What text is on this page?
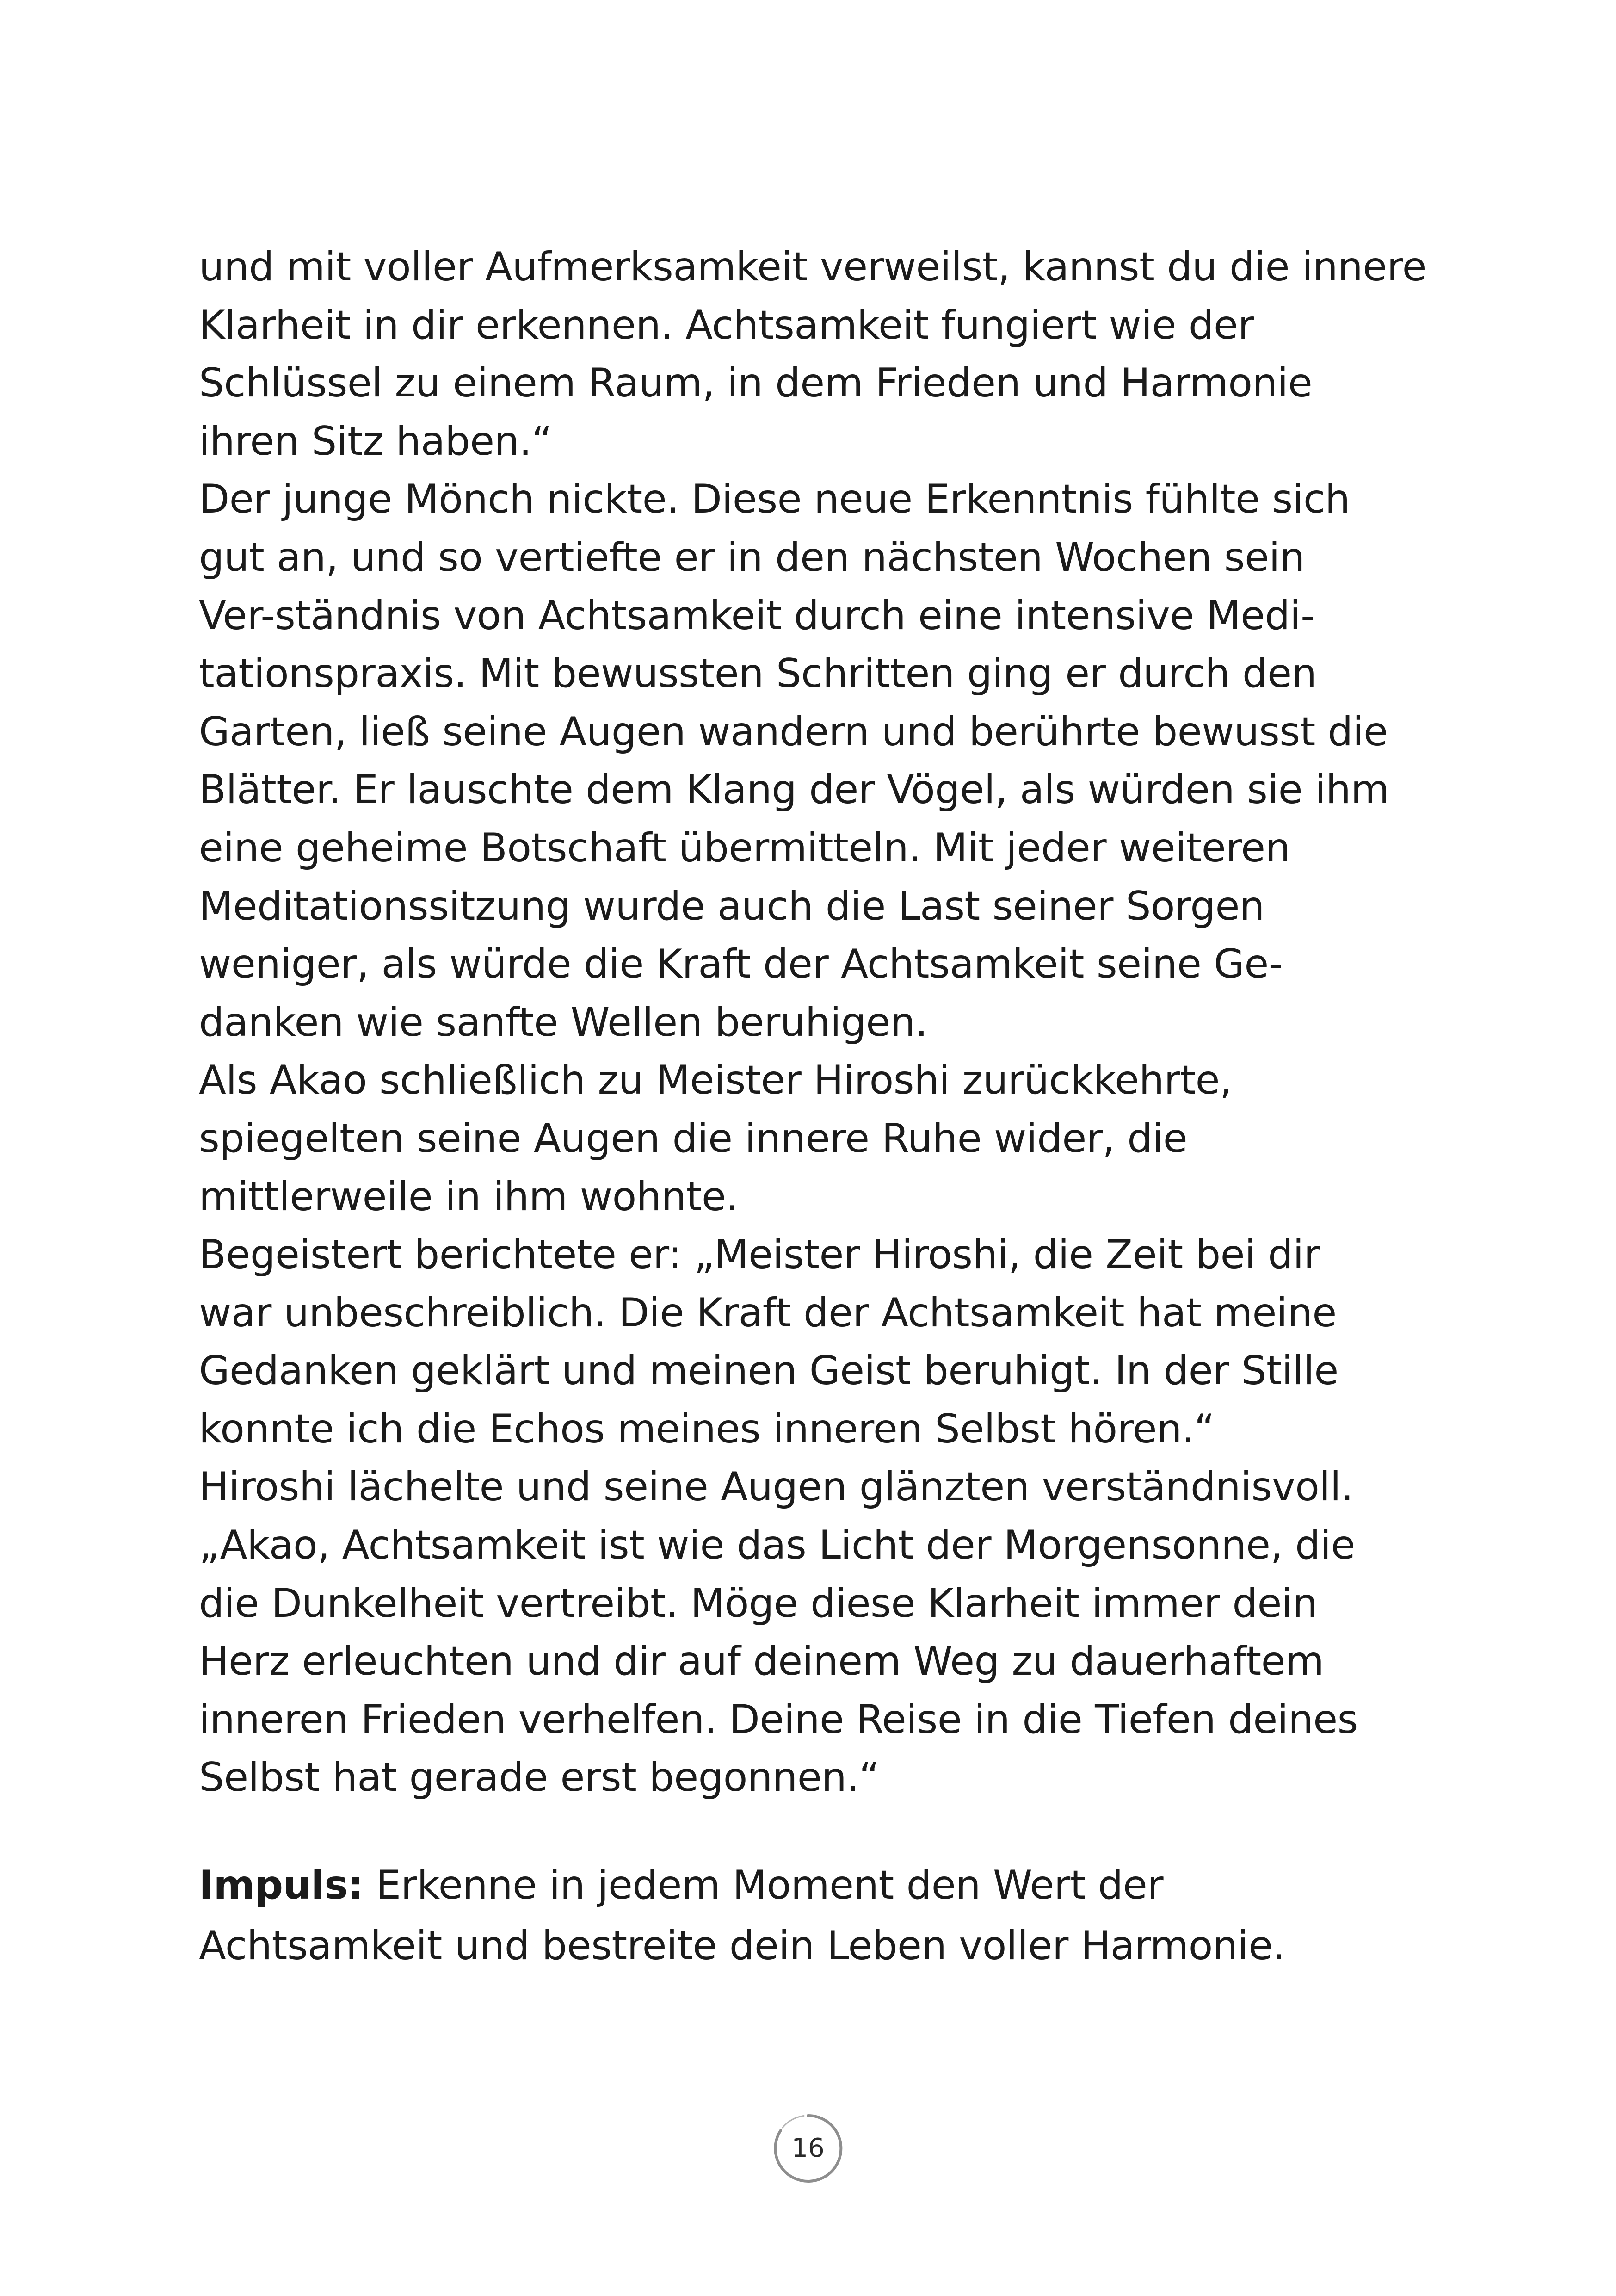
und mit voller Aufmerksamkeit verweilst, kannst du die innere
Klarheit in dir erkennen. Achtsamkeit fungiert wie der
Schlüssel zu einem Raum, in dem Frieden und Harmonie
ihren Sitz haben.“
Der junge Mönch nickte. Diese neue Erkenntnis fühlte sich
gut an, und so vertiefte er in den nächsten Wochen sein
Ver-ständnis von Achtsamkeit durch eine intensive Medi-
tationspraxis. Mit bewussten Schritten ging er durch den
Garten, ließ seine Augen wandern und berührte bewusst die
Blätter. Er lauschte dem Klang der Vögel, als würden sie ihm
eine geheime Botschaft übermitteln. Mit jeder weiteren
Meditationssitzung wurde auch die Last seiner Sorgen
weniger, als würde die Kraft der Achtsamkeit seine Ge-
danken wie sanfte Wellen beruhigen.
Als Akao schließlich zu Meister Hiroshi zurückkehrte,
spiegelten seine Augen die innere Ruhe wider, die
mittlerweile in ihm wohnte.
Begeistert berichtete er: „Meister Hiroshi, die Zeit bei dir
war unbeschreiblich. Die Kraft der Achtsamkeit hat meine
Gedanken geklärt und meinen Geist beruhigt. In der Stille
konnte ich die Echos meines inneren Selbst hören.“
Hiroshi lächelte und seine Augen glänzten verständnisvoll.
„Akao, Achtsamkeit ist wie das Licht der Morgensonne, die
die Dunkelheit vertreibt. Möge diese Klarheit immer dein
Herz erleuchten und dir auf deinem Weg zu dauerhaftem
inneren Frieden verhelfen. Deine Reise in die Tiefen deines
Selbst hat gerade erst begonnen.“
Impuls: Erkenne in jedem Moment den Wert der
Achtsamkeit und bestreite dein Leben voller Harmonie.
16
